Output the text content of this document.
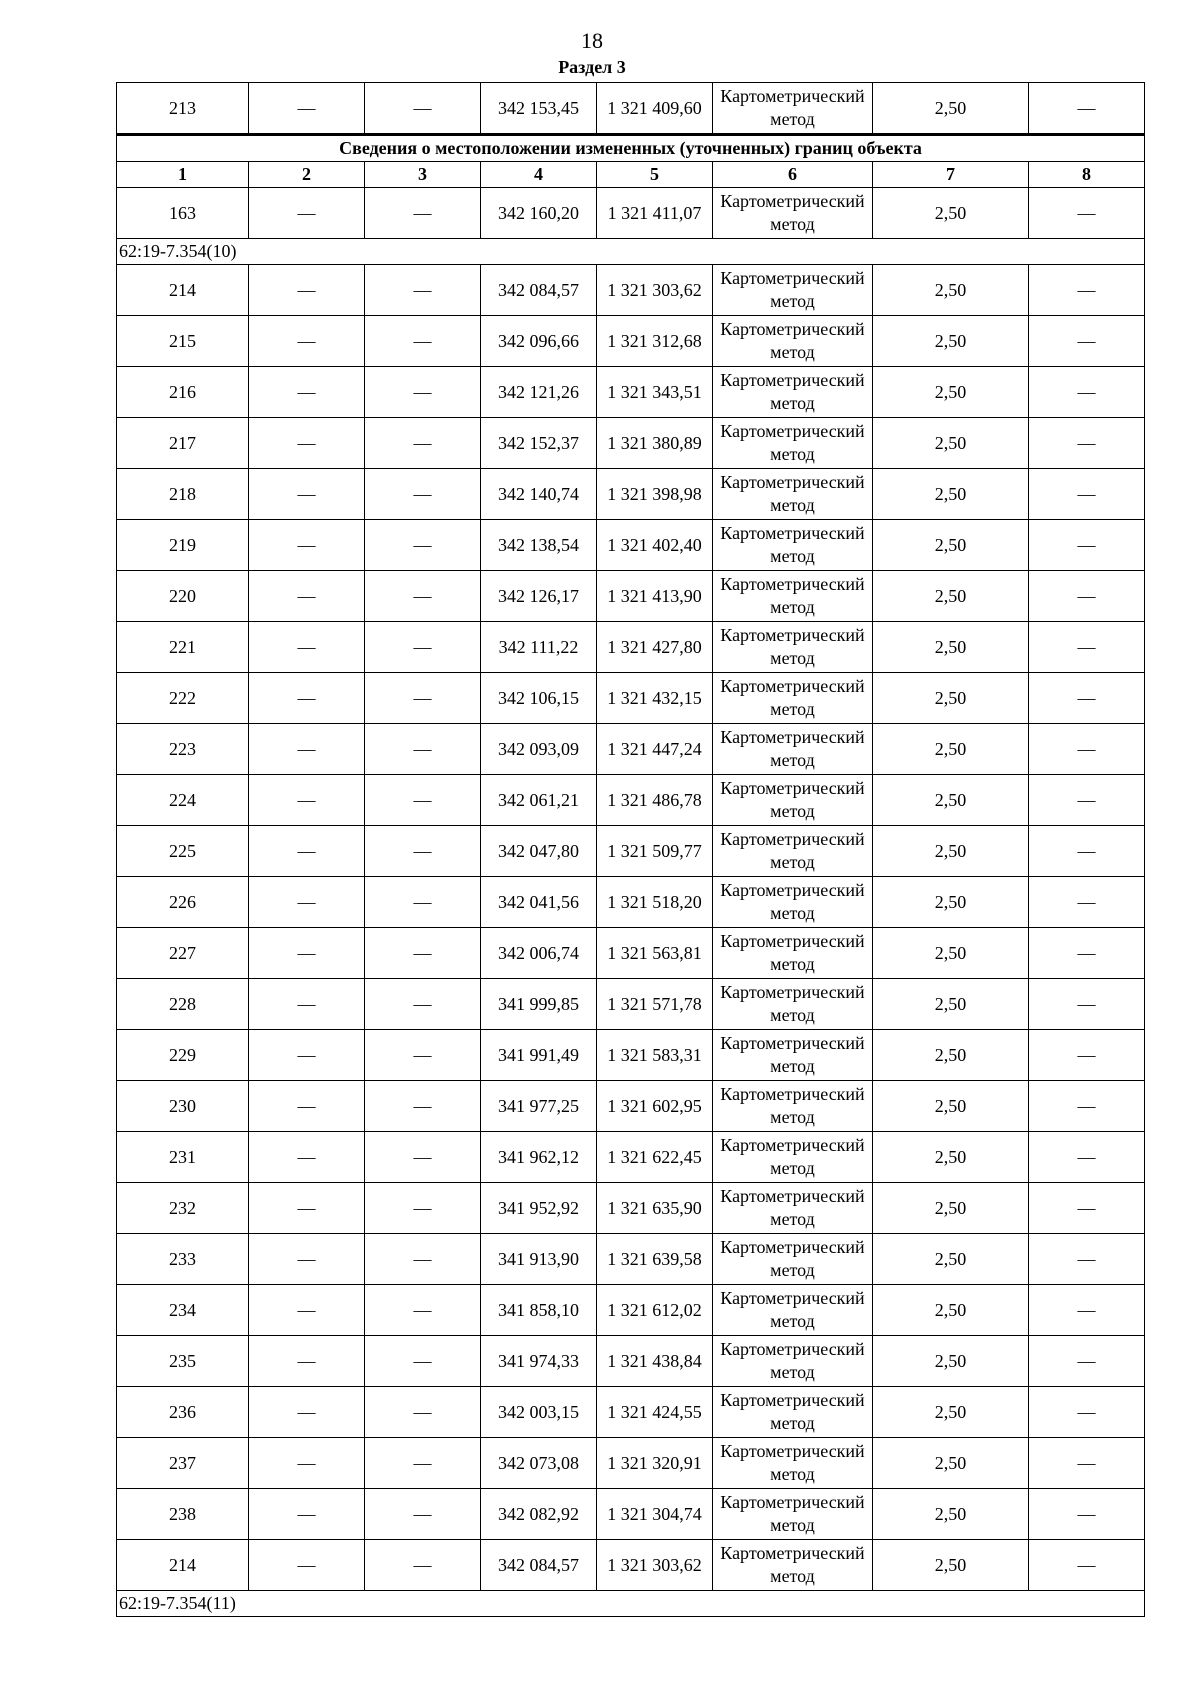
18
Раздел 3
213	—	—	342 153,45	1 321 409,60	Картометрический метод	2,50	—
Сведения о местоположении измененных (уточненных) границ объекта							
1	2	3	4	5	6	7	8
163	—	—	342 160,20	1 321 411,07	Картометрический метод	2,50	—
62:19-7.354(10)							
214	—	—	342 084,57	1 321 303,62	Картометрический метод	2,50	—
215	—	—	342 096,66	1 321 312,68	Картометрический метод	2,50	—
216	—	—	342 121,26	1 321 343,51	Картометрический метод	2,50	—
217	—	—	342 152,37	1 321 380,89	Картометрический метод	2,50	—
218	—	—	342 140,74	1 321 398,98	Картометрический метод	2,50	—
219	—	—	342 138,54	1 321 402,40	Картометрический метод	2,50	—
220	—	—	342 126,17	1 321 413,90	Картометрический метод	2,50	—
221	—	—	342 111,22	1 321 427,80	Картометрический метод	2,50	—
222	—	—	342 106,15	1 321 432,15	Картометрический метод	2,50	—
223	—	—	342 093,09	1 321 447,24	Картометрический метод	2,50	—
224	—	—	342 061,21	1 321 486,78	Картометрический метод	2,50	—
225	—	—	342 047,80	1 321 509,77	Картометрический метод	2,50	—
226	—	—	342 041,56	1 321 518,20	Картометрический метод	2,50	—
227	—	—	342 006,74	1 321 563,81	Картометрический метод	2,50	—
228	—	—	341 999,85	1 321 571,78	Картометрический метод	2,50	—
229	—	—	341 991,49	1 321 583,31	Картометрический метод	2,50	—
230	—	—	341 977,25	1 321 602,95	Картометрический метод	2,50	—
231	—	—	341 962,12	1 321 622,45	Картометрический метод	2,50	—
232	—	—	341 952,92	1 321 635,90	Картометрический метод	2,50	—
233	—	—	341 913,90	1 321 639,58	Картометрический метод	2,50	—
234	—	—	341 858,10	1 321 612,02	Картометрический метод	2,50	—
235	—	—	341 974,33	1 321 438,84	Картометрический метод	2,50	—
236	—	—	342 003,15	1 321 424,55	Картометрический метод	2,50	—
237	—	—	342 073,08	1 321 320,91	Картометрический метод	2,50	—
238	—	—	342 082,92	1 321 304,74	Картометрический метод	2,50	—
214	—	—	342 084,57	1 321 303,62	Картометрический метод	2,50	—
62:19-7.354(11)							
